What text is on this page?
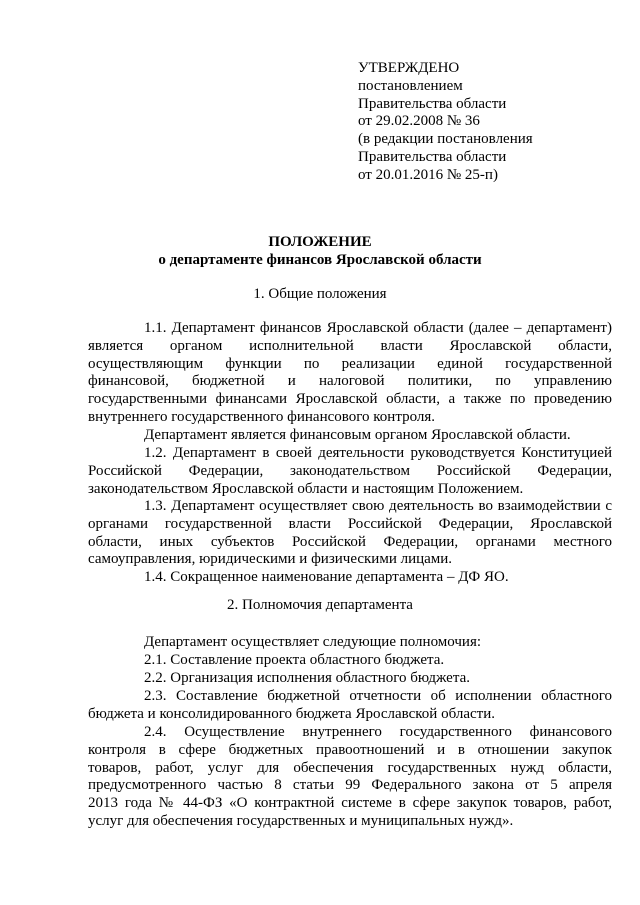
УТВЕРЖДЕНО
постановлением
Правительства области
от 29.02.2008 № 36
(в редакции постановления
Правительства области
от 20.01.2016 № 25-п)
ПОЛОЖЕНИЕ
о департаменте финансов Ярославской области
1. Общие положения
1.1. Департамент финансов Ярославской области (далее – департамент)
является органом исполнительной власти Ярославской области,
осуществляющим функции по реализации единой государственной
финансовой, бюджетной и налоговой политики, по управлению
государственными финансами Ярославской области, а также по проведению
внутреннего государственного финансового контроля.
Департамент является финансовым органом Ярославской области.
1.2. Департамент в своей деятельности руководствуется Конституцией
Российской Федерации, законодательством Российской Федерации,
законодательством Ярославской области и настоящим Положением.
1.3. Департамент осуществляет свою деятельность во взаимодействии с
органами государственной власти Российской Федерации, Ярославской
области, иных субъектов Российской Федерации, органами местного
самоуправления, юридическими и физическими лицами.
1.4. Сокращенное наименование департамента – ДФ ЯО.
2. Полномочия департамента
Департамент осуществляет следующие полномочия:
2.1. Составление проекта областного бюджета.
2.2. Организация исполнения областного бюджета.
2.3. Составление бюджетной отчетности об исполнении областного
бюджета и консолидированного бюджета Ярославской области.
2.4. Осуществление внутреннего государственного финансового
контроля в сфере бюджетных правоотношений и в отношении закупок
товаров, работ, услуг для обеспечения государственных нужд области,
предусмотренного частью 8 статьи 99 Федерального закона от 5 апреля
2013 года № 44-ФЗ «О контрактной системе в сфере закупок товаров, работ,
услуг для обеспечения государственных и муниципальных нужд».
